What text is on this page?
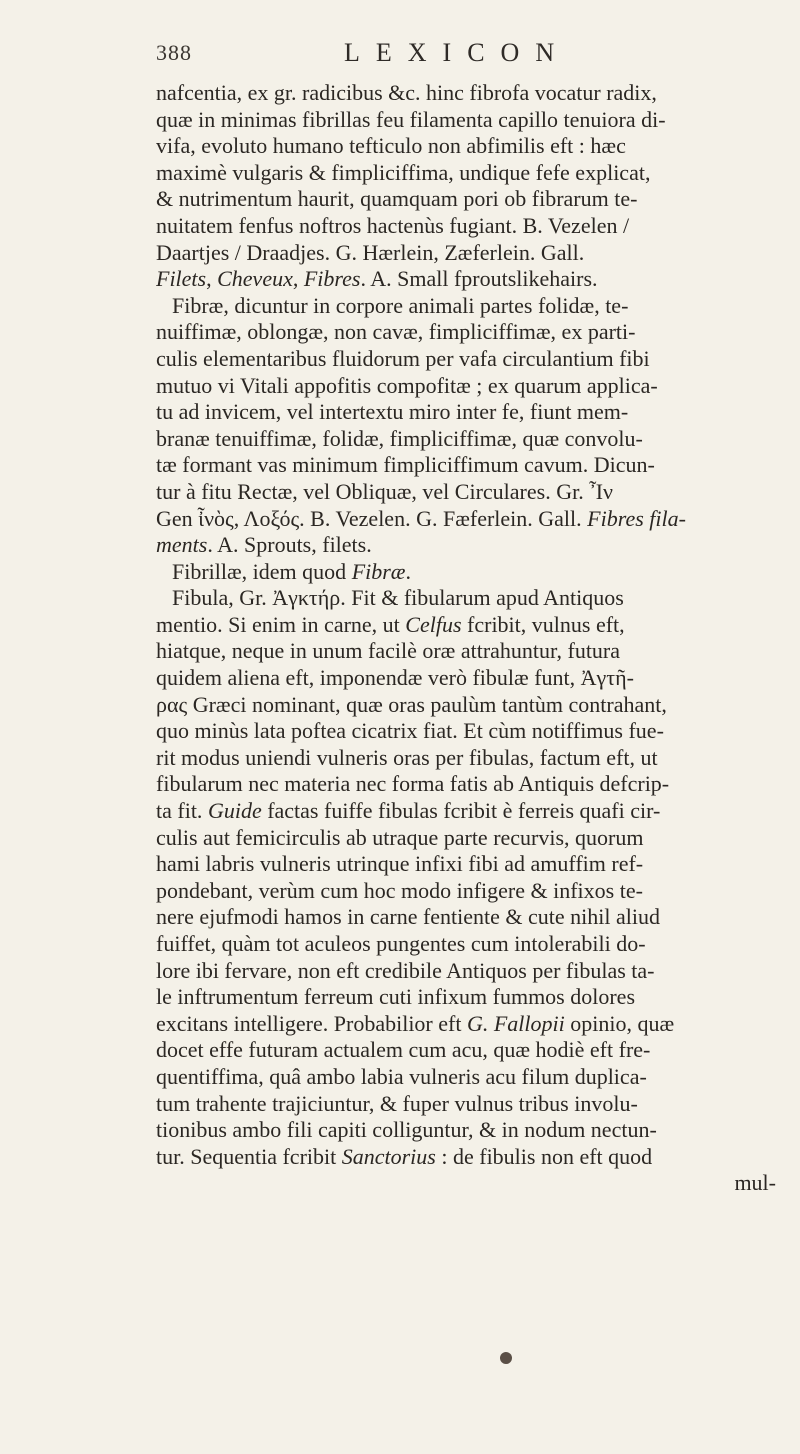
388	LEXICON
nafcentia, ex gr. radicibus &c. hinc fibrofa vocatur radix,
quæ in minimas fibrillas feu filamenta capillo tenuiora di-
vifa, evoluto humano tefticulo non abfimilis eft : hæc
maximè vulgaris & fimpliciffima, undique fefe explicat,
& nutrimentum haurit, quamquam pori ob fibrarum te-
nuitatem fenfus noftros hactenùs fugiant. B. Vezelen /
Daartjes / Draadjes. G. Hærlein, Zæferlein. Gall.
Filets, Cheveux, Fibres. A. Small fproutslikehairs.
Fibræ, dicuntur in corpore animali partes folidæ, te-
nuiffimæ, oblongæ, non cavæ, fimpliciffimæ, ex parti-
culis elementaribus fluidorum per vafa circulantium fibi
mutuo vi Vitali appofitis compofitæ ; ex quarum applica-
tu ad invicem, vel intertextu miro inter fe, fiunt mem-
branæ tenuiffimæ, folidæ, fimpliciffimæ, quæ convolu-
tæ formant vas minimum fimpliciffimum cavum. Dicun-
tur à fitu Rectæ, vel Obliquæ, vel Circulares. Gr. Ἶν
Gen ἶνὸς, Λοξός. B. Vezelen. G. Fæferlein. Gall. Fibres fila-
ments. A. Sprouts, filets.
Fibrillæ, idem quod Fibræ.
Fibula, Gr. Ἀγκτήρ. Fit & fibularum apud Antiquos
mentio. Si enim in carne, ut Celfus fcribit, vulnus eft,
hiatque, neque in unum facilè oræ attrahuntur, futura
quidem aliena eft, imponendæ verò fibulæ funt, Ἀγτῆ-
ρας Græci nominant, quæ oras paulùm tantùm contrahant,
quo minùs lata poftea cicatrix fiat. Et cùm notiffimus fue-
rit modus uniendi vulneris oras per fibulas, factum eft, ut
fibularum nec materia nec forma fatis ab Antiquis defcrip-
ta fit. Guide factas fuiffe fibulas fcribit è ferreis quafi cir-
culis aut femicirculis ab utraque parte recurvis, quorum
hami labris vulneris utrinque infixi fibi ad amuffim ref-
pondebant, verùm cum hoc modo infigere & infixos te-
nere ejufmodi hamos in carne fentiente & cute nihil aliud
fuiffet, quàm tot aculeos pungentes cum intolerabili do-
lore ibi fervare, non eft credibile Antiquos per fibulas ta-
le inftrumentum ferreum cuti infixum fummos dolores
excitans intelligere. Probabilior eft G. Fallopii opinio, quæ
docet effe futuram actualem cum acu, quæ hodiè eft fre-
quentiffima, quâ ambo labia vulneris acu filum duplica-
tum trahente trajiciuntur, & fuper vulnus tribus involu-
tionibus ambo fili capiti colliguntur, & in nodum nectun-
tur. Sequentia fcribit Sanctorius : de fibulis non eft quod
mul-
